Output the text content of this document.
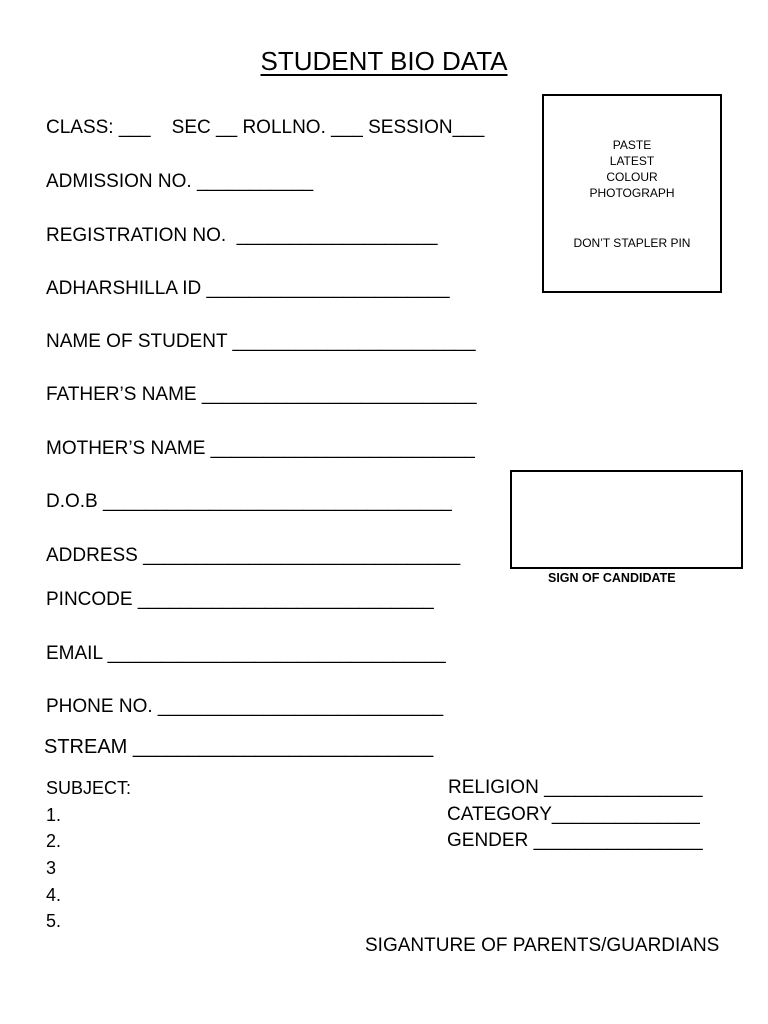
STUDENT BIO DATA
CLASS: ___    SEC __ ROLLNO. ___ SESSION___
ADMISSION NO. ___________
REGISTRATION NO.  ___________________
ADHARSHILLA ID _______________________
NAME OF STUDENT _______________________
FATHER’S NAME __________________________
MOTHER’S NAME _________________________
D.O.B _________________________________
ADDRESS ______________________________
PINCODE ____________________________
EMAIL ________________________________
PHONE NO. ___________________________
STREAM ___________________________
PASTE
LATEST
COLOUR
PHOTOGRAPH
DON’T STAPLER PIN
SIGN OF CANDIDATE
SUBJECT:
1.
2.
3
4.
5.
RELIGION _______________
CATEGORY______________
GENDER ________________
SIGANTURE OF PARENTS/GUARDIANS
